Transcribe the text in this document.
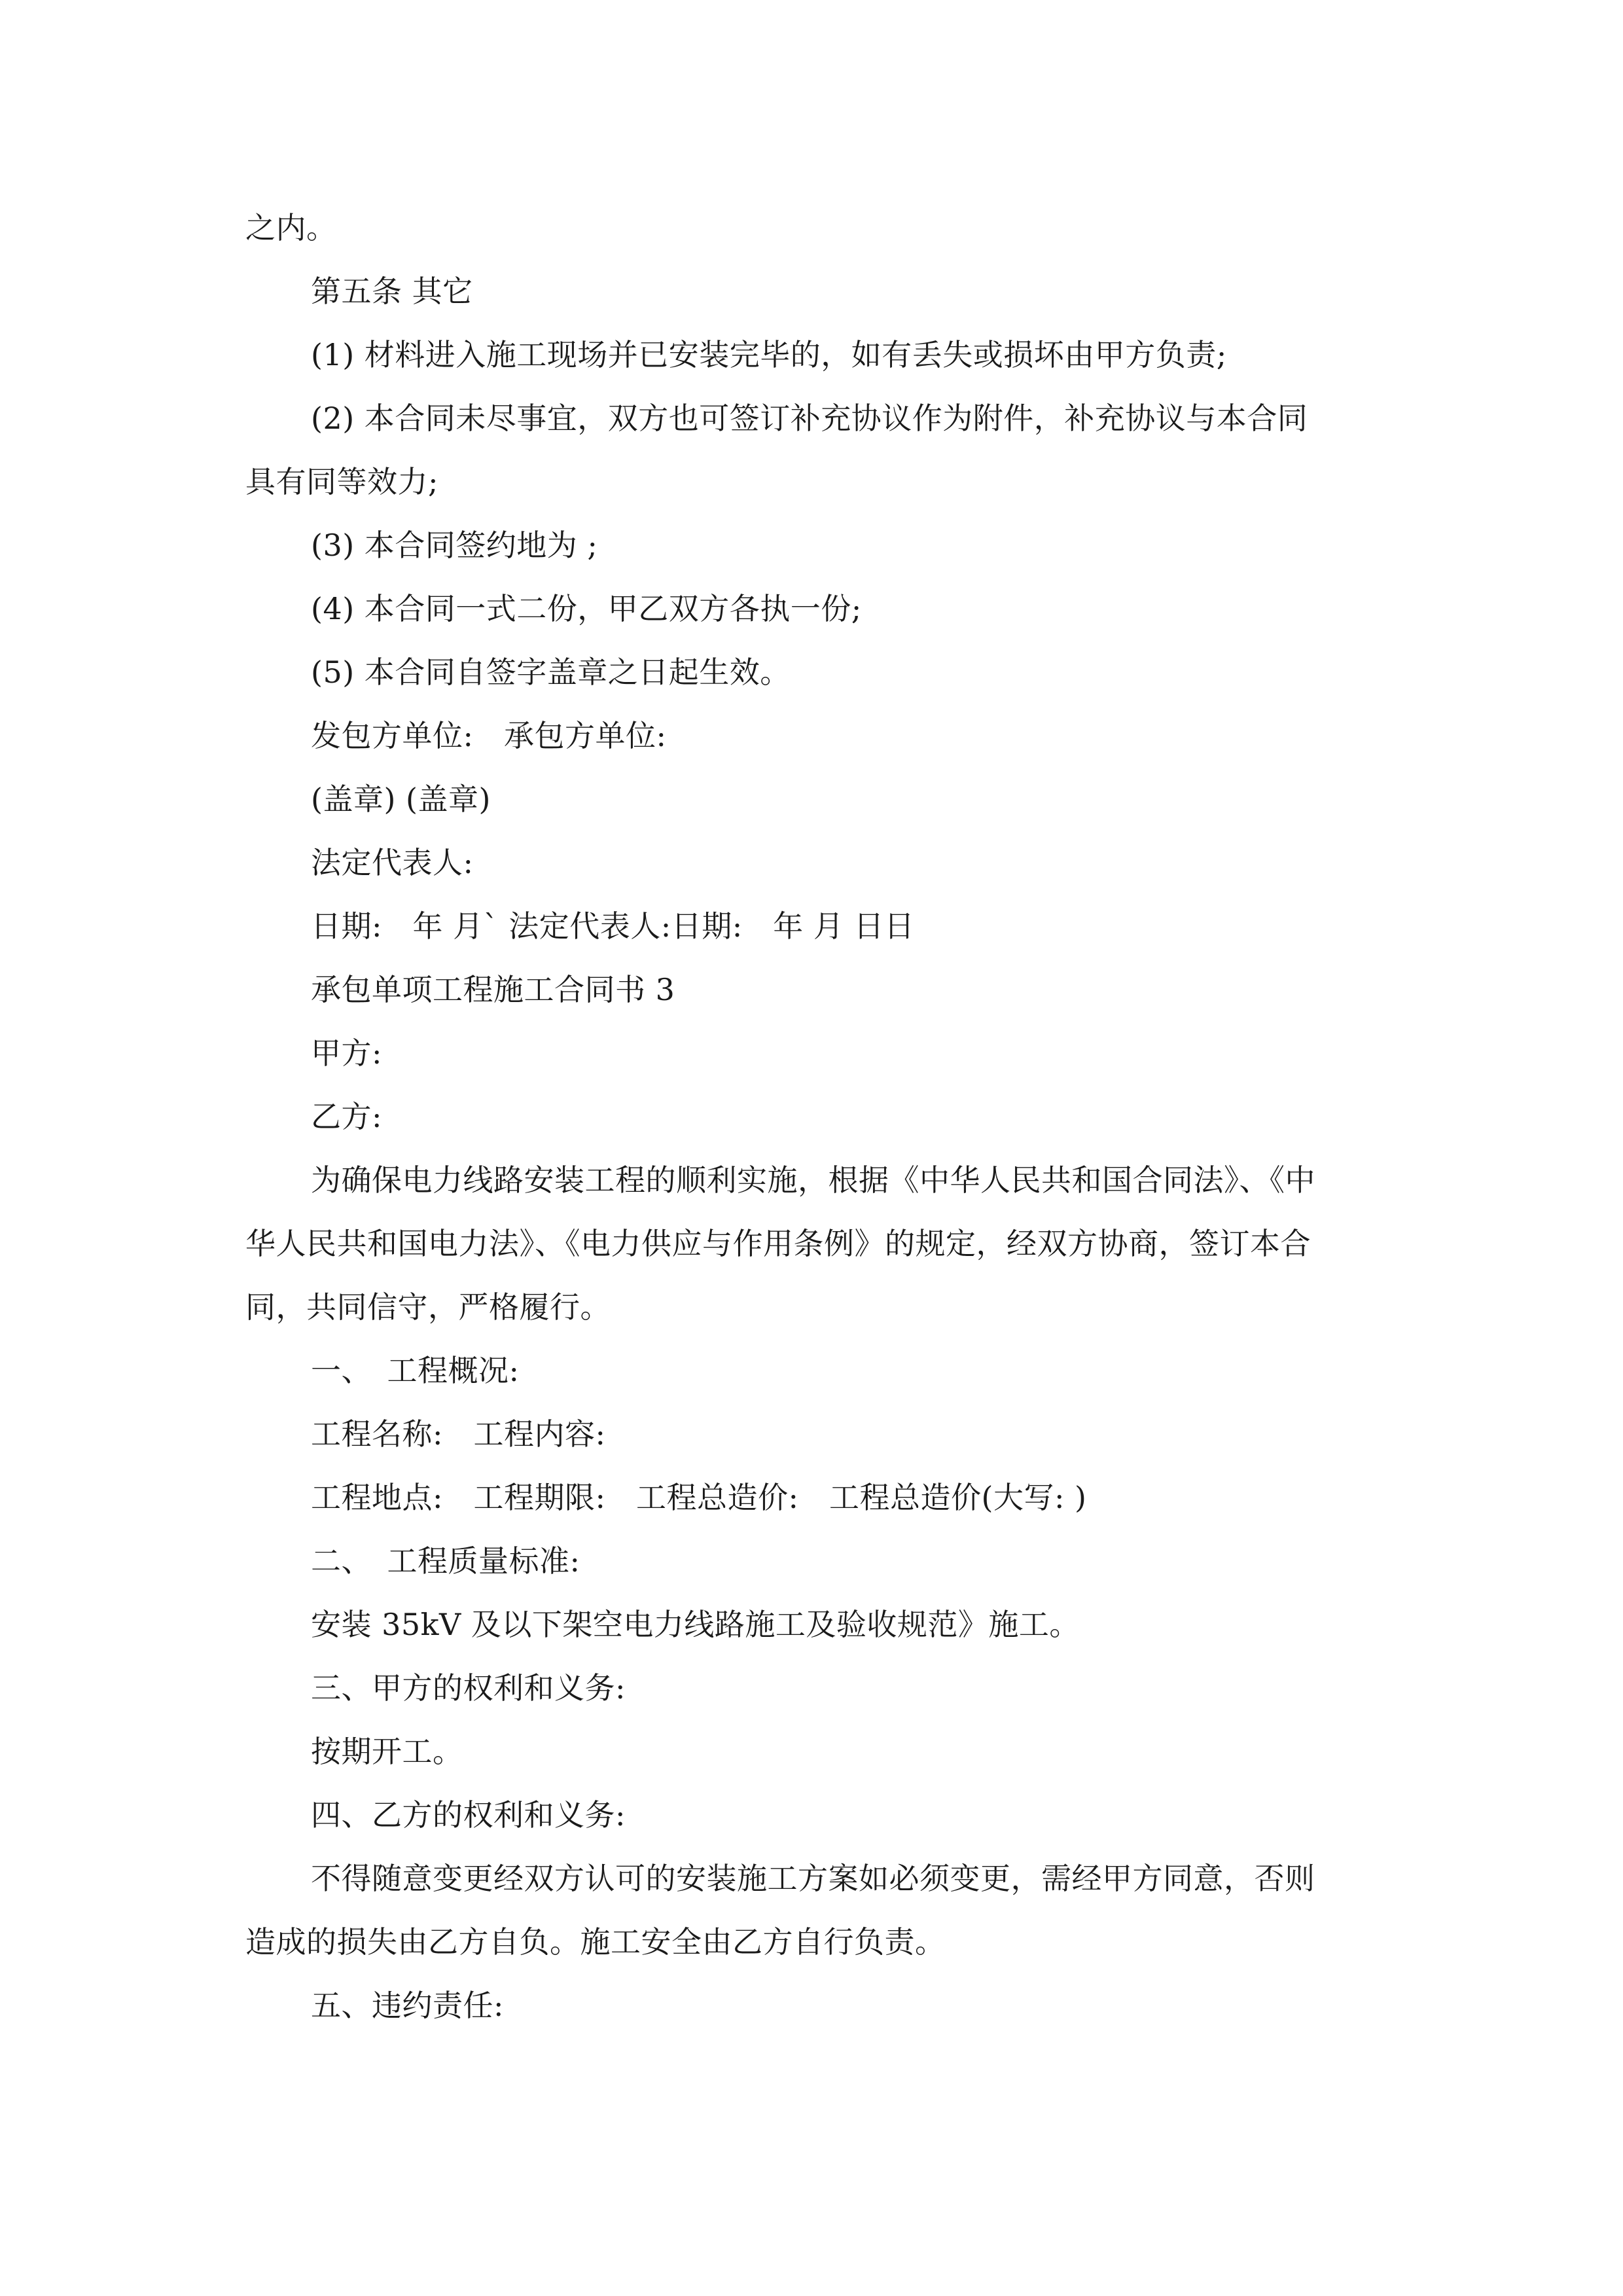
之内。
第五条 其它
(1) 材料进入施工现场并已安装完毕的，如有丢失或损坏由甲方负责;
(2) 本合同未尽事宜，双方也可签订补充协议作为附件，补充协议与本合同
具有同等效力;
(3) 本合同签约地为 ;
(4) 本合同一式二份，甲乙双方各执一份;
(5) 本合同自签字盖章之日起生效。
发包方单位:　承包方单位:
(盖章) (盖章)
法定代表人:
日期:　年 月` 法定代表人:日期:　年 月 日日
承包单项工程施工合同书 3
甲方:
乙方:
为确保电力线路安装工程的顺利实施，根据《中华人民共和国合同法》、《中
华人民共和国电力法》、《电力供应与作用条例》的规定，经双方协商，签订本合
同，共同信守，严格履行。
一、　工程概况:
工程名称:　工程内容:
工程地点:　工程期限:　工程总造价:　工程总造价(大写: )
二、　工程质量标准:
安装 35kV 及以下架空电力线路施工及验收规范》施工。
三、甲方的权利和义务:
按期开工。
四、乙方的权利和义务:
不得随意变更经双方认可的安装施工方案如必须变更，需经甲方同意，否则
造成的损失由乙方自负。施工安全由乙方自行负责。
五、违约责任:
